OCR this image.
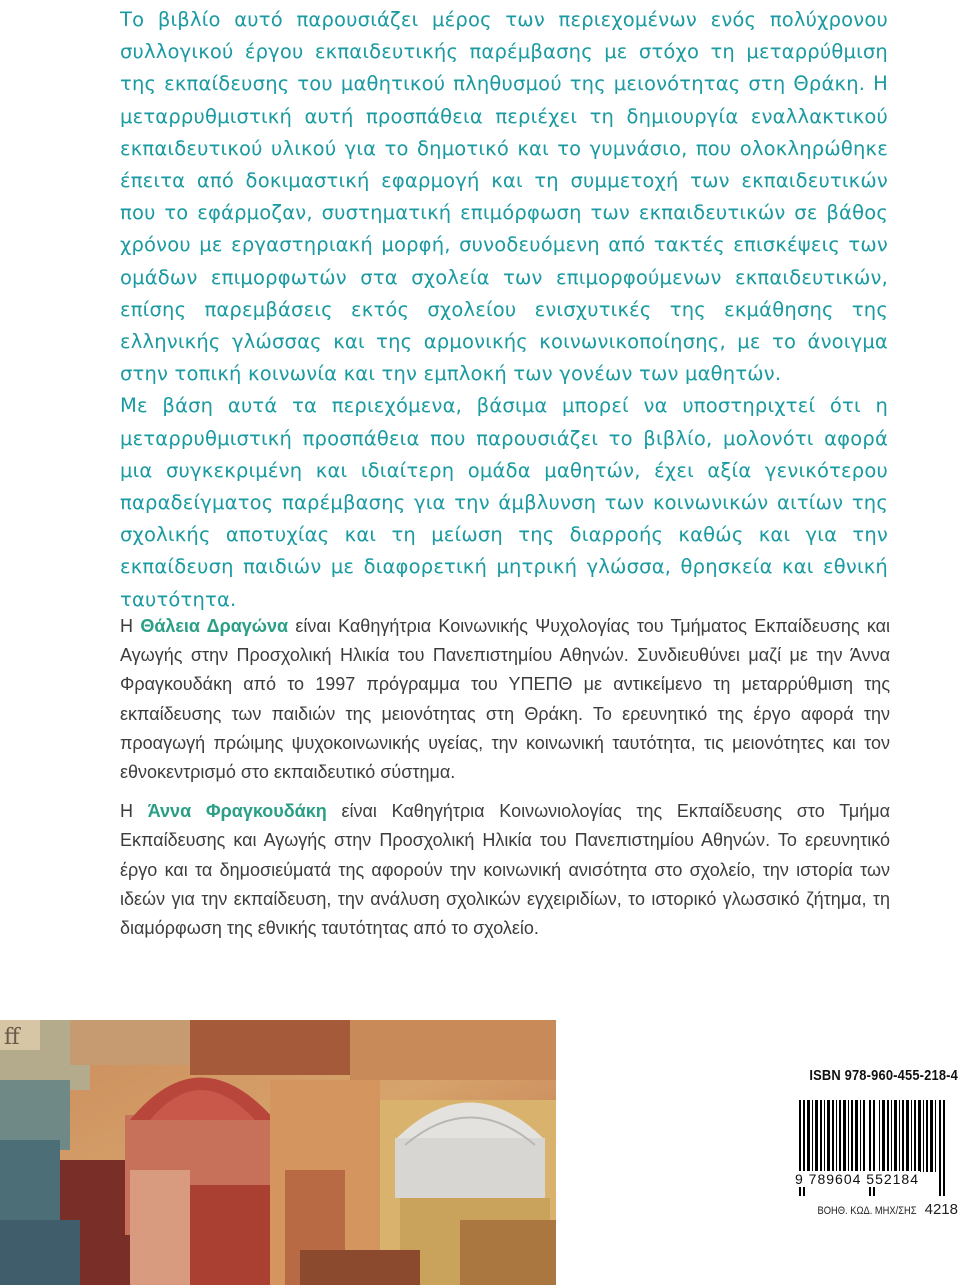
Το βιβλίο αυτό παρουσιάζει μέρος των περιεχομένων ενός πολύχρονου συλλογικού έργου εκπαιδευτικής παρέμβασης με στόχο τη μεταρρύθμιση της εκπαίδευσης του μαθητικού πληθυσμού της μειονότητας στη Θράκη. Η μεταρρυθμιστική αυτή προσπάθεια περιέχει τη δημιουργία εναλλακτικού εκπαιδευτικού υλικού για το δημοτικό και το γυμνάσιο, που ολοκληρώθηκε έπειτα από δοκιμαστική εφαρμογή και τη συμμετοχή των εκπαιδευτικών που το εφάρμοζαν, συστηματική επιμόρφωση των εκπαιδευτικών σε βάθος χρόνου με εργαστηριακή μορφή, συνοδευόμενη από τακτές επισκέψεις των ομάδων επιμορφωτών στα σχολεία των επιμορφούμενων εκπαιδευτικών, επίσης παρεμβάσεις εκτός σχολείου ενισχυτικές της εκμάθησης της ελληνικής γλώσσας και της αρμονικής κοινωνικοποίησης, με το άνοιγμα στην τοπική κοινωνία και την εμπλοκή των γονέων των μαθητών.

Με βάση αυτά τα περιεχόμενα, βάσιμα μπορεί να υποστηριχτεί ότι η μεταρρυθμιστική προσπάθεια που παρουσιάζει το βιβλίο, μολονότι αφορά μια συγκεκριμένη και ιδιαίτερη ομάδα μαθητών, έχει αξία γενικότερου παραδείγματος παρέμβασης για την άμβλυνση των κοινωνικών αιτίων της σχολικής αποτυχίας και τη μείωση της διαρροής καθώς και για την εκπαίδευση παιδιών με διαφορετική μητρική γλώσσα, θρησκεία και εθνική ταυτότητα.

Η Θάλεια Δραγώνα είναι Καθηγήτρια Κοινωνικής Ψυχολογίας του Τμήματος Εκπαίδευσης και Αγωγής στην Προσχολική Ηλικία του Πανεπιστημίου Αθηνών. Συνδιευθύνει μαζί με την Άννα Φραγκουδάκη από το 1997 πρόγραμμα του ΥΠΕΠΘ με αντικείμενο τη μεταρρύθμιση της εκπαίδευσης των παιδιών της μειονότητας στη Θράκη. Το ερευνητικό της έργο αφορά την προαγωγή πρώιμης ψυχοκοινωνικής υγείας, την κοινωνική ταυτότητα, τις μειονότητες και τον εθνοκεντρισμό στο εκπαιδευτικό σύστημα.

Η Άννα Φραγκουδάκη είναι Καθηγήτρια Κοινωνιολογίας της Εκπαίδευσης στο Τμήμα Εκπαίδευσης και Αγωγής στην Προσχολική Ηλικία του Πανεπιστημίου Αθηνών. Το ερευνητικό έργο και τα δημοσιεύματά της αφορούν την κοινωνική ανισότητα στο σχολείο, την ιστορία των ιδεών για την εκπαίδευση, την ανάλυση σχολικών εγχειριδίων, το ιστορικό γλωσσικό ζήτημα, τη διαμόρφωση της εθνικής ταυτότητας από το σχολείο.

ff
ISBN 978-960-455-218-4
9 789604 552184
ΒΟΗΘ. ΚΩΔ. ΜΗΧ/ΣΗΣ 4218
